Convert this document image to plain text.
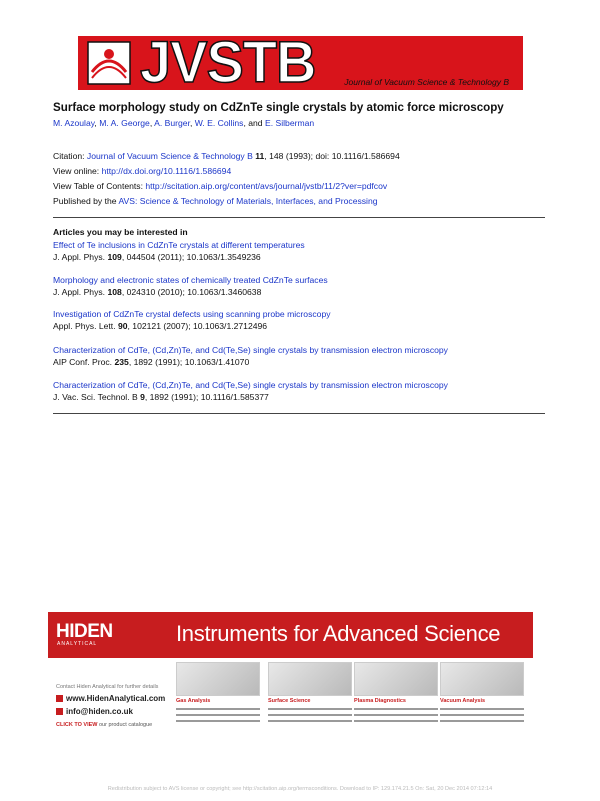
JVSTB	Journal of Vacuum Science & Technology B
Surface morphology study on CdZnTe single crystals by atomic force microscopy
M. Azoulay, M. A. George, A. Burger, W. E. Collins, and E. Silberman
Citation: Journal of Vacuum Science & Technology B 11, 148 (1993); doi: 10.1116/1.586694
View online: http://dx.doi.org/10.1116/1.586694
View Table of Contents: http://scitation.aip.org/content/avs/journal/jvstb/11/2?ver=pdfcov
Published by the AVS: Science & Technology of Materials, Interfaces, and Processing
Articles you may be interested in
Effect of Te inclusions in CdZnTe crystals at different temperatures
J. Appl. Phys. 109, 044504 (2011); 10.1063/1.3549236
Morphology and electronic states of chemically treated CdZnTe surfaces
J. Appl. Phys. 108, 024310 (2010); 10.1063/1.3460638
Investigation of CdZnTe crystal defects using scanning probe microscopy
Appl. Phys. Lett. 90, 102121 (2007); 10.1063/1.2712496
Characterization of CdTe, (Cd,Zn)Te, and Cd(Te,Se) single crystals by transmission electron microscopy
AIP Conf. Proc. 235, 1892 (1991); 10.1063/1.41070
Characterization of CdTe, (Cd,Zn)Te, and Cd(Te,Se) single crystals by transmission electron microscopy
J. Vac. Sci. Technol. B 9, 1892 (1991); 10.1116/1.585377
HIDEN
ANALYTICAL	Instruments for Advanced Science
Contact Hiden Analytical for further details
www.HidenAnalytical.com
info@hiden.co.uk
CLICK TO VIEW our product catalogue
Gas Analysis	Surface Science	Plasma Diagnostics	Vacuum Analysis
Redistribution subject to AVS license or copyright; see http://scitation.aip.org/termsconditions. Download to IP: 129.174.21.5 On: Sat, 20 Dec 2014 07:12:14
